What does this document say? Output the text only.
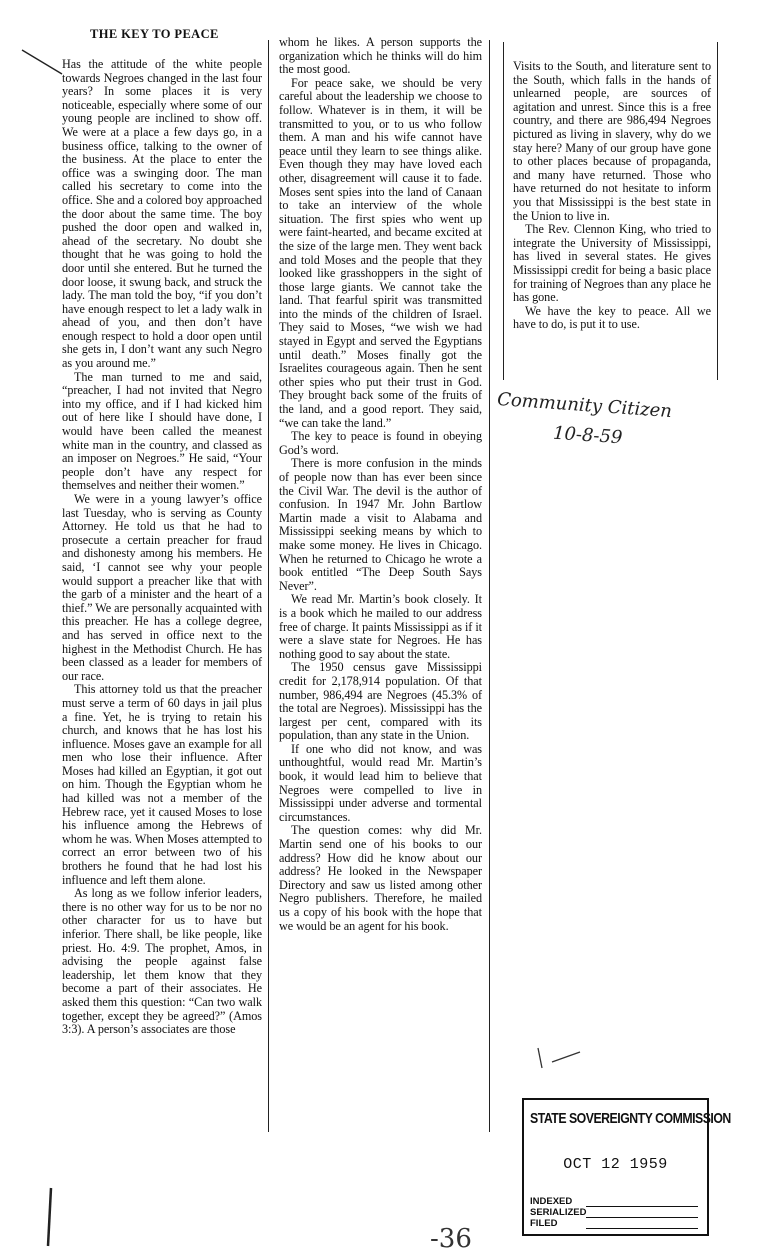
THE KEY TO PEACE

Has the attitude of the white people towards Negroes changed in the last four years? In some places it is very noticeable, especially where some of our young people are inclined to show off. We were at a place a few days go, in a business office, talking to the owner of the business. At the place to enter the office was a swinging door. The man called his secretary to come into the office. She and a colored boy approached the door about the same time. The boy pushed the door open and walked in, ahead of the secretary. No doubt she thought that he was going to hold the door until she entered. But he turned the door loose, it swung back, and struck the lady. The man told the boy, “if you don’t have enough respect to let a lady walk in ahead of you, and then don’t have enough respect to hold a door open until she gets in, I don’t want any such Negro as you around me.”

The man turned to me and said, “preacher, I had not invited that Negro into my office, and if I had kicked him out of here like I should have done, I would have been called the meanest white man in the country, and classed as an imposer on Negroes.” He said, “Your people don’t have any respect for themselves and neither their women.”

We were in a young lawyer’s office last Tuesday, who is serving as County Attorney. He told us that he had to prosecute a certain preacher for fraud and dishonesty among his members. He said, ‘I cannot see why your people would support a preacher like that with the garb of a minister and the heart of a thief.” We are personally acquainted with this preacher. He has a college degree, and has served in office next to the highest in the Methodist Church. He has been classed as a leader for members of our race.

This attorney told us that the preacher must serve a term of 60 days in jail plus a fine. Yet, he is trying to retain his church, and knows that he has lost his influence. Moses gave an example for all men who lose their influence. After Moses had killed an Egyptian, it got out on him. Though the Egyptian whom he had killed was not a member of the Hebrew race, yet it caused Moses to lose his influence among the Hebrews of whom he was. When Moses attempted to correct an error between two of his brothers he found that he had lost his influence and left them alone.

As long as we follow inferior leaders, there is no other way for us to be nor no other character for us to have but inferior. There shall, be like people, like priest. Ho. 4:9. The prophet, Amos, in advising the people against false leadership, let them know that they become a part of their associates. He asked them this question: “Can two walk together, except they be agreed?” (Amos 3:3). A person’s associates are those

whom he likes. A person supports the organization which he thinks will do him the most good.

For peace sake, we should be very careful about the leadership we choose to follow. Whatever is in them, it will be transmitted to you, or to us who follow them. A man and his wife cannot have peace until they learn to see things alike. Even though they may have loved each other, disagreement will cause it to fade. Moses sent spies into the land of Canaan to take an interview of the whole situation. The first spies who went up were faint-hearted, and became excited at the size of the large men. They went back and told Moses and the people that they looked like grasshoppers in the sight of those large giants. We cannot take the land. That fearful spirit was transmitted into the minds of the children of Israel. They said to Moses, “we wish we had stayed in Egypt and served the Egyptians until death.” Moses finally got the Israelites courageous again. Then he sent other spies who put their trust in God. They brought back some of the fruits of the land, and a good report. They said, “we can take the land.”

The key to peace is found in obeying God’s word.

There is more confusion in the minds of people now than has ever been since the Civil War. The devil is the author of confusion. In 1947 Mr. John Bartlow Martin made a visit to Alabama and Mississippi seeking means by which to make some money. He lives in Chicago. When he returned to Chicago he wrote a book entitled “The Deep South Says Never”.

We read Mr. Martin’s book closely. It is a book which he mailed to our address free of charge. It paints Mississippi as if it were a slave state for Negroes. He has nothing good to say about the state.

The 1950 census gave Mississippi credit for 2,178,914 population. Of that number, 986,494 are Negroes (45.3% of the total are Negroes). Mississippi has the largest per cent, compared with its population, than any state in the Union.

If one who did not know, and was unthoughtful, would read Mr. Martin’s book, it would lead him to believe that Negroes were compelled to live in Mississippi under adverse and tormental circumstances.

The question comes: why did Mr. Martin send one of his books to our address? How did he know about our address? He looked in the Newspaper Directory and saw us listed among other Negro publishers. Therefore, he mailed us a copy of his book with the hope that we would be an agent for his book.

Visits to the South, and literature sent to the South, which falls in the hands of unlearned people, are sources of agitation and unrest. Since this is a free country, and there are 986,494 Negroes pictured as living in slavery, why do we stay here? Many of our group have gone to other places because of propaganda, and many have returned. Those who have returned do not hesitate to inform you that Mississippi is the best state in the Union to live in.

The Rev. Clennon King, who tried to integrate the University of Mississippi, has lived in several states. He gives Mississippi credit for being a basic place for training of Negroes than any place he has gone.

We have the key to peace. All we have to do, is put it to use.

Community Citizen
10-8-59
STATE SOVEREIGNTY COMMISSION
OCT 12 1959
INDEXED
SERIALIZED
FILED
-36
